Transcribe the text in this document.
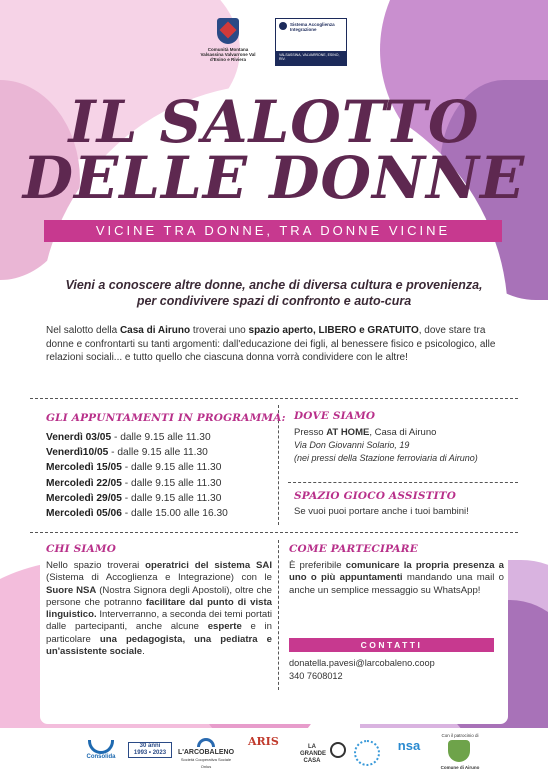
Comunità Montana Valsassina Valvarrone Val d'Esino e Riviera
Sistema Accoglienza Integrazione
VALSASSINA, VALVARRONE, ESINO, RIV.
IL SALOTTO
DELLE DONNE
VICINE TRA DONNE, TRA DONNE VICINE
Vieni a conoscere altre donne, anche di diversa cultura e provenienza,
per condivivere spazi di confronto e auto-cura
Nel salotto della Casa di Airuno troverai uno spazio aperto, LIBERO e GRATUITO, dove stare tra donne e confrontarti su tanti argomenti: dall'educazione dei figli, al benessere fisico e psicologico, alle relazioni sociali... e tutto quello che ciascuna donna vorrà condividere con le altre!
GLI APPUNTAMENTI IN PROGRAMMA:
Venerdì 03/05 - dalle 9.15 alle 11.30
Venerdì10/05 - dalle 9.15 alle 11.30
Mercoledì 15/05 - dalle 9.15 alle 11.30
Mercoledì 22/05 - dalle 9.15 alle 11.30
Mercoledì 29/05 - dalle 9.15 alle 11.30
Mercoledì 05/06 - dalle 15.00 alle 16.30
DOVE SIAMO
Presso AT HOME, Casa di Airuno
Via Don Giovanni Solario, 19
(nei pressi della Stazione ferroviaria di Airuno)
SPAZIO GIOCO ASSISTITO
Se vuoi puoi portare anche i tuoi bambini!
CHI SIAMO
Nello spazio troverai operatrici del sistema SAI (Sistema di Accoglienza e Integrazione) con le Suore NSA (Nostra Signora degli Apostoli), oltre che persone che potranno facilitare dal punto di vista linguistico. Interverranno, a seconda dei temi portati dalle partecipanti, anche alcune esperte e in particolare una pedagogista, una pediatra e un'assistente sociale.
COME PARTECIPARE
È preferibile comunicare la propria presenza a uno o più appuntamenti mandando una mail o anche un semplice messaggio su WhatsApp!
CONTATTI
donatella.pavesi@larcobaleno.coop
340 7608012
Consolida
30 anni
1993 • 2023	L'ARCOBALENO
Società Cooperativa Sociale Onlus
ARIS	LA GRANDE CASA
nsa
Con il patrocinio di
Comune di Airuno
